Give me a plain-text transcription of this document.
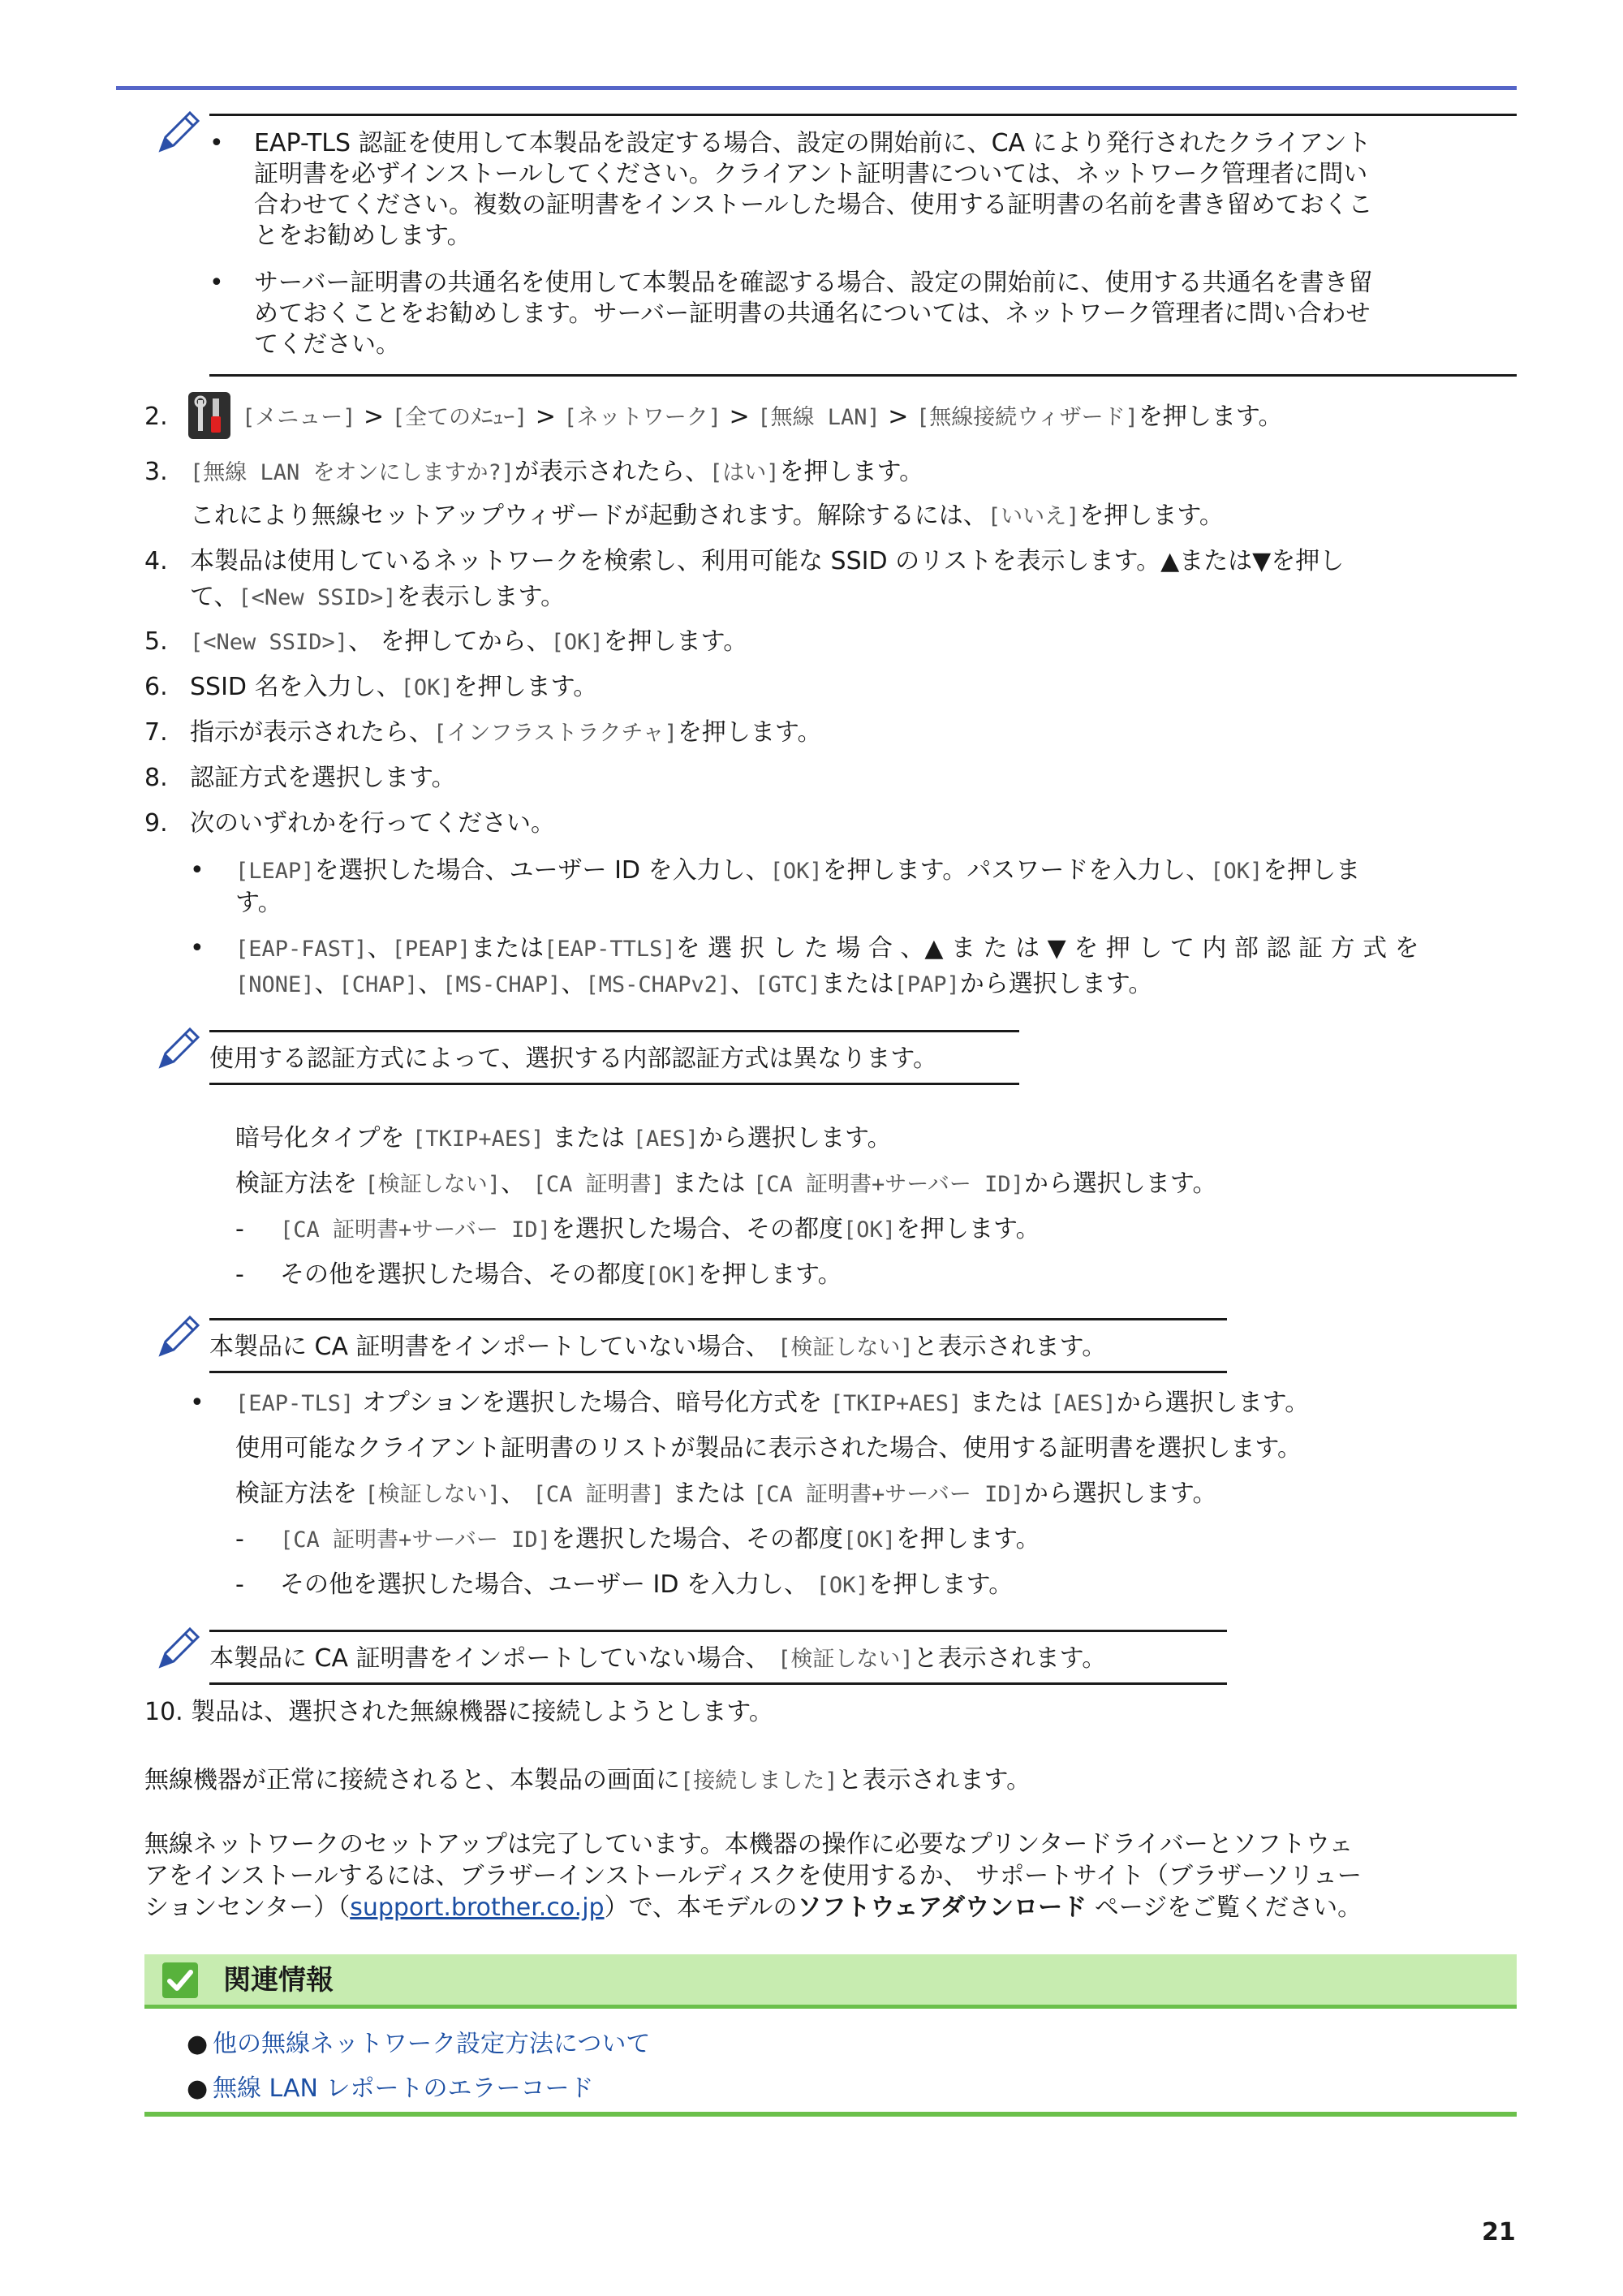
• EAP-TLS 認証を使用して本製品を設定する場合、設定の開始前に、CA により発行されたクライアント
証明書を必ずインストールしてください。クライアント証明書については、ネットワーク管理者に問い
合わせてください。複数の証明書をインストールした場合、使用する証明書の名前を書き留めておくこ
とをお勧めします。
• サーバー証明書の共通名を使用して本製品を確認する場合、設定の開始前に、使用する共通名を書き留
めておくことをお勧めします。サーバー証明書の共通名については、ネットワーク管理者に問い合わせ
てください。
2.	[メニュー] > [全てのﾒﾆｭｰ] > [ネットワーク] > [無線 LAN] > [無線接続ウィザード]を押します。
3. [無線 LAN をオンにしますか?]が表示されたら、[はい]を押します。
これにより無線セットアップウィザードが起動されます。解除するには、[いいえ]を押します。
4. 本製品は使用しているネットワークを検索し、利用可能な SSID のリストを表示します。▲または▼を押し
て、[<New SSID>]を表示します。
5. [<New SSID>]、 を押してから、[OK]を押します。
6. SSID 名を入力し、[OK]を押します。
7. 指示が表示されたら、[インフラストラクチャ]を押します。
8. 認証方式を選択します。
9. 次のいずれかを行ってください。
• [LEAP]を選択した場合、ユーザー ID を入力し、[OK]を押します。パスワードを入力し、[OK]を押しま
す。
• [EAP-FAST]、[PEAP]または[EAP-TTLS]を 選 択 し た 場 合 、▲ ま た は ▼ を 押 し て 内 部 認 証 方 式 を
[NONE]、[CHAP]、[MS-CHAP]、[MS-CHAPv2]、[GTC]または[PAP]から選択します。
使用する認証方式によって、選択する内部認証方式は異なります。
暗号化タイプを [TKIP+AES] または [AES]から選択します。
検証方法を [検証しない]、 [CA 証明書] または [CA 証明書+サーバー ID]から選択します。
- [CA 証明書+サーバー ID]を選択した場合、その都度[OK]を押します。
- その他を選択した場合、その都度[OK]を押します。
本製品に CA 証明書をインポートしていない場合、 [検証しない]と表示されます。
• [EAP-TLS] オプションを選択した場合、暗号化方式を [TKIP+AES] または [AES]から選択します。
使用可能なクライアント証明書のリストが製品に表示された場合、使用する証明書を選択します。
検証方法を [検証しない]、 [CA 証明書] または [CA 証明書+サーバー ID]から選択します。
- [CA 証明書+サーバー ID]を選択した場合、その都度[OK]を押します。
- その他を選択した場合、ユーザー ID を入力し、 [OK]を押します。
本製品に CA 証明書をインポートしていない場合、 [検証しない]と表示されます。
10. 製品は、選択された無線機器に接続しようとします。
無線機器が正常に接続されると、本製品の画面に[接続しました]と表示されます。
無線ネットワークのセットアップは完了しています。本機器の操作に必要なプリンタードライバーとソフトウェ
アをインストールするには、ブラザーインストールディスクを使用するか、 サポートサイト（ブラザーソリュー
ションセンター）（support.brother.co.jp）で、本モデルのソフトウェアダウンロード ページをご覧ください。
関連情報
● 他の無線ネットワーク設定方法について
● 無線 LAN レポートのエラーコード
21
